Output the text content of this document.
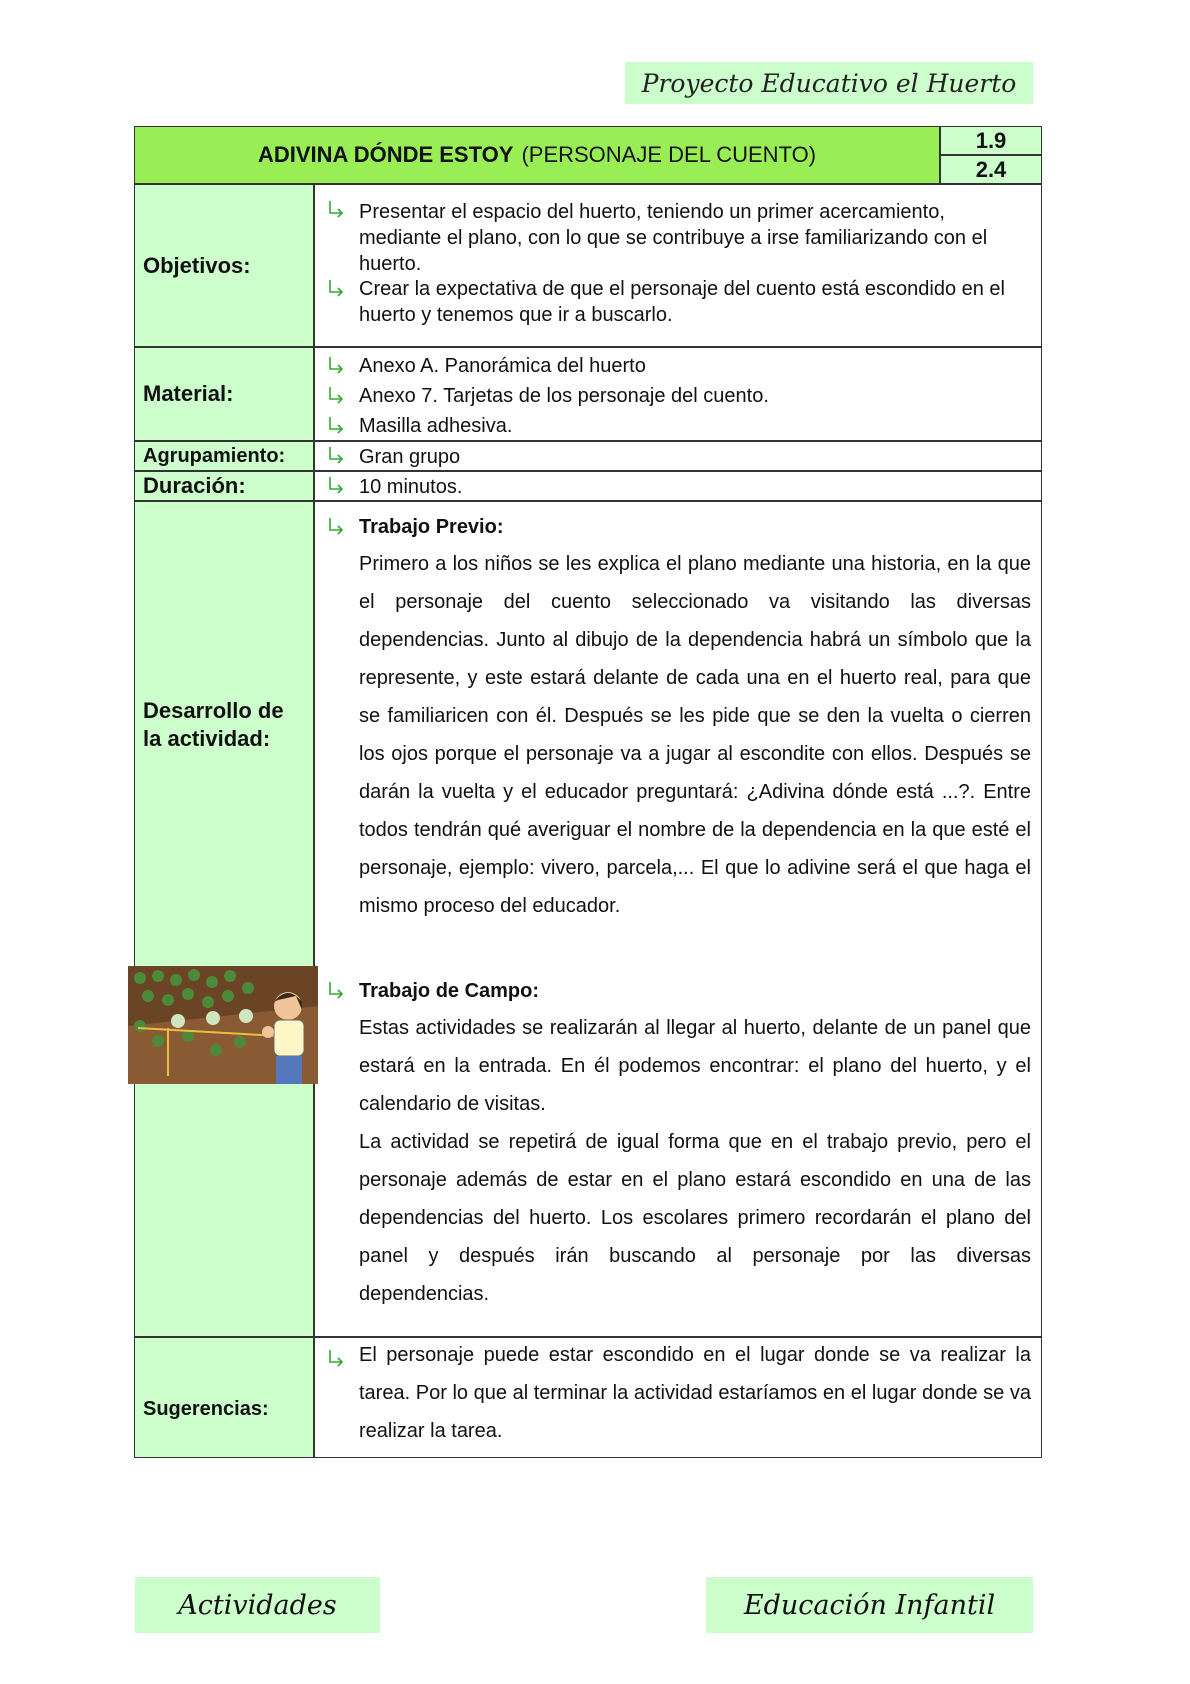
Proyecto Educativo el Huerto
ADIVINA DÓNDE ESTOY (PERSONAJE DEL CUENTO)
1.9
2.4
Objetivos:
Presentar el espacio del huerto, teniendo un primer acercamiento, mediante el plano, con lo que se contribuye a irse familiarizando con el huerto.
Crear la expectativa de que el personaje del cuento está escondido en el huerto y tenemos que ir a buscarlo.
Material:
Anexo A. Panorámica del huerto
Anexo 7. Tarjetas de los personaje del cuento.
Masilla adhesiva.
Agrupamiento:	Gran grupo
Duración:	10 minutos.
Desarrollo de la actividad:
Trabajo Previo:
Primero a los niños se les explica el plano mediante una historia, en la que el personaje del cuento seleccionado va visitando las diversas dependencias. Junto al dibujo de la dependencia habrá un símbolo que la represente, y este estará delante de cada una en el huerto real, para que se familiaricen con él. Después se les pide que se den la vuelta o cierren los ojos porque el personaje va a jugar al escondite con ellos. Después se darán la vuelta y el educador preguntará: ¿Adivina dónde está ...?. Entre todos tendrán qué averiguar el nombre de la dependencia en la que esté el personaje, ejemplo: vivero, parcela,... El que lo adivine será el que haga el mismo proceso del educador.
Trabajo de Campo:
Estas actividades se realizarán al llegar al huerto, delante de un panel que estará en la entrada. En él podemos encontrar: el plano del huerto, y el calendario de visitas.
La actividad se repetirá de igual forma que en el trabajo previo, pero el personaje además de estar en el plano estará escondido en una de las dependencias del huerto. Los escolares primero recordarán el plano del panel y después irán buscando al personaje por las diversas dependencias.
Sugerencias:
El personaje puede estar escondido en el lugar donde se va realizar la tarea. Por lo que al terminar la actividad estaríamos en el lugar donde se va realizar la tarea.
Actividades	Educación Infantil
